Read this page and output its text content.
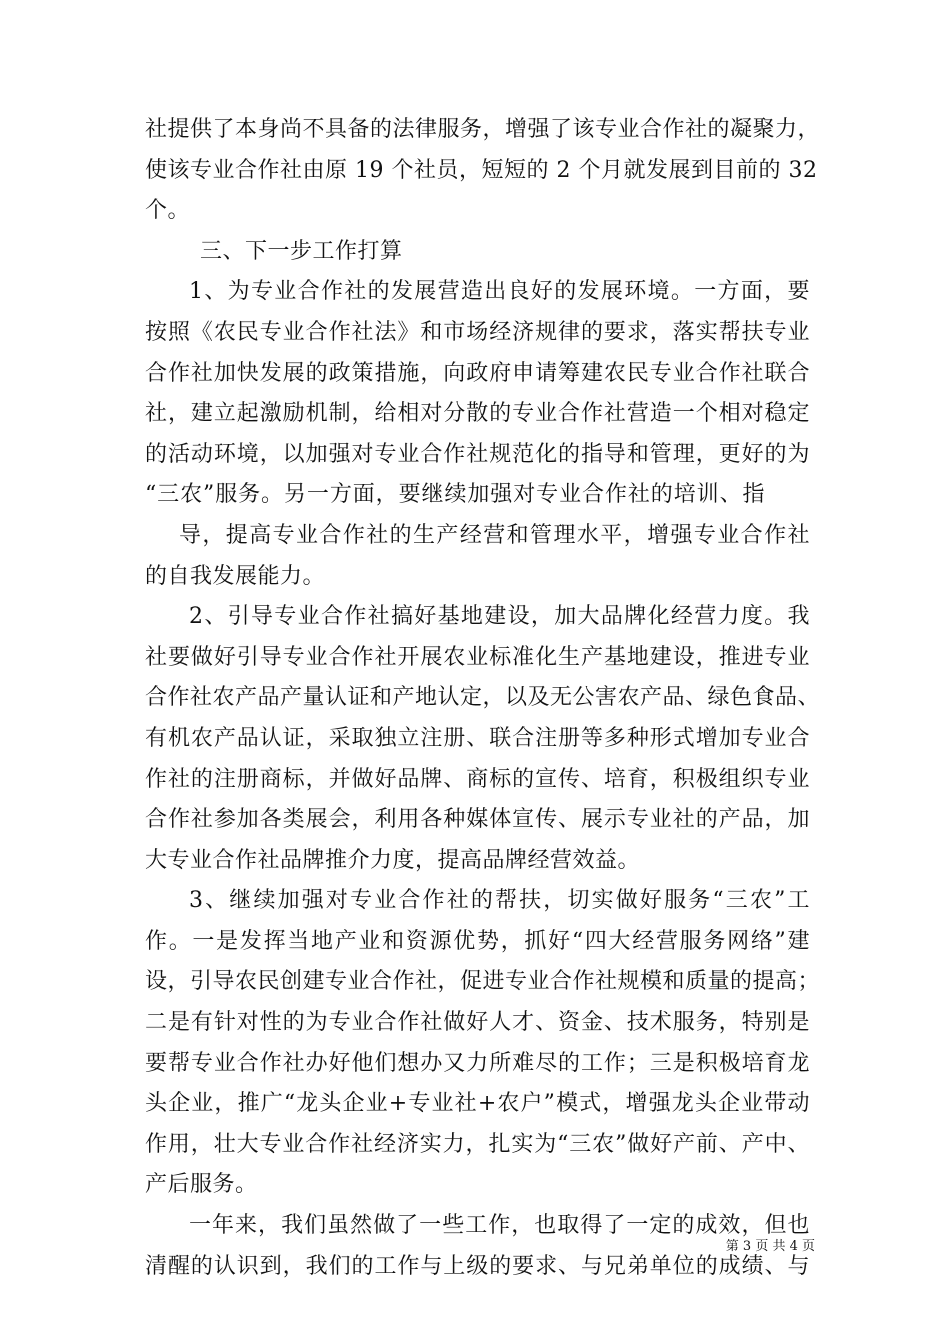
社提供了本身尚不具备的法律服务，增强了该专业合作社的凝聚力，
使该专业合作社由原 19 个社员，短短的 2 个月就发展到目前的 32
个。
三、下一步工作打算
1、为专业合作社的发展营造出良好的发展环境。一方面，要
按照《农民专业合作社法》和市场经济规律的要求，落实帮扶专业
合作社加快发展的政策措施，向政府申请筹建农民专业合作社联合
社，建立起激励机制，给相对分散的专业合作社营造一个相对稳定
的活动环境，以加强对专业合作社规范化的指导和管理，更好的为
“三农”服务。另一方面，要继续加强对专业合作社的培训、指
导，提高专业合作社的生产经营和管理水平，增强专业合作社
的自我发展能力。
2、引导专业合作社搞好基地建设，加大品牌化经营力度。我
社要做好引导专业合作社开展农业标准化生产基地建设，推进专业
合作社农产品产量认证和产地认定，以及无公害农产品、绿色食品、
有机农产品认证，采取独立注册、联合注册等多种形式增加专业合
作社的注册商标，并做好品牌、商标的宣传、培育，积极组织专业
合作社参加各类展会，利用各种媒体宣传、展示专业社的产品，加
大专业合作社品牌推介力度，提高品牌经营效益。
3、继续加强对专业合作社的帮扶，切实做好服务“三农”工
作。一是发挥当地产业和资源优势，抓好“四大经营服务网络”建
设，引导农民创建专业合作社，促进专业合作社规模和质量的提高；
二是有针对性的为专业合作社做好人才、资金、技术服务，特别是
要帮专业合作社办好他们想办又力所难尽的工作；三是积极培育龙
头企业，推广“龙头企业+专业社+农户”模式，增强龙头企业带动
作用，壮大专业合作社经济实力，扎实为“三农”做好产前、产中、
产后服务。
一年来，我们虽然做了一些工作，也取得了一定的成效，但也
清醒的认识到，我们的工作与上级的要求、与兄弟单位的成绩、与
第 3 页 共 4 页
